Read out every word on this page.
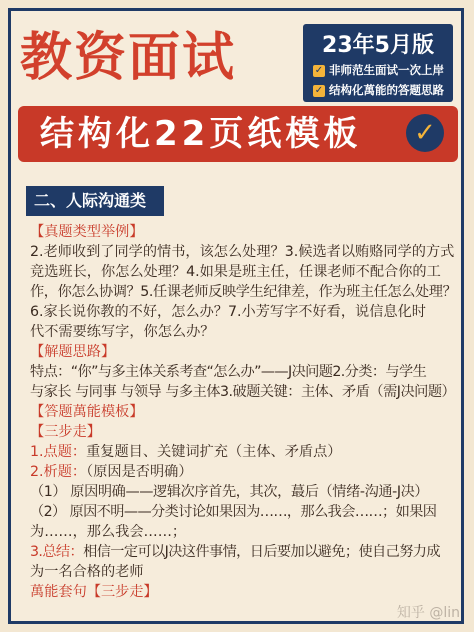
教资面试	23年5月版
✓ 非师范生面试一次上岸
✓ 结构化萬能的答题思路
结构化22页纸模板	✓
二、人际沟通类
【真题类型举例】
2.老师收到了同学的情书，该怎么处理？3.候选者以贿赂同学的方式
竞选班长，你怎么处理？4.如果是班主任，任课老师不配合你的工
作，你怎么协调？5.任课老师反映学生纪律差，作为班主任怎么处理？
6.家长说你教的不好，怎么办？7.小芳写字不好看，说信息化时
代不需要练写字，你怎么办？
【解题思路】
特点：“你”与多主体关系考查“怎么办”——J决问题2.分类：与学生
与家长 与同事 与领导 与多主体3.破题关键：主体、矛盾（需J决问题）
【答题萬能模板】
【三步走】
1.点题：重复题目、关键词扩充（主体、矛盾点）
2.析题：（原因是否明确）
（1） 原因明确——逻辑次序首先，其次，蕞后（情绪-沟通-J决）
（2） 原因不明——分类讨论如果因为……，那么我会……；如果因
为……，那么我会……；
3.总结：相信一定可以J决这件事情，日后要加以避免；使自己努力成
为一名合格的老师
萬能套句【三步走】
知乎 @lin
